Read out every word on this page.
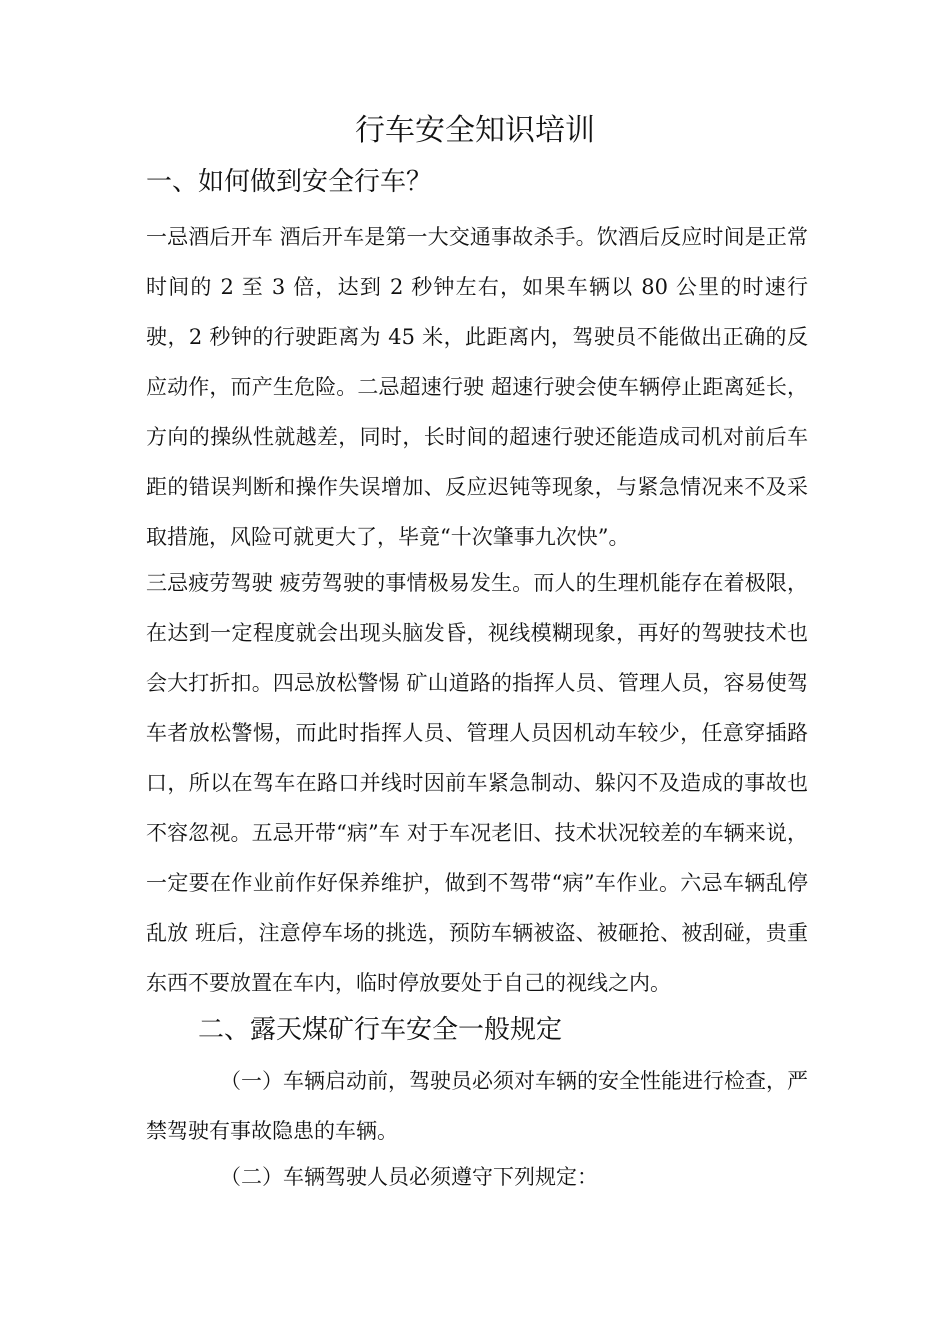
行车安全知识培训
一、如何做到安全行车？

一忌酒后开车 酒后开车是第一大交通事故杀手。饮酒后反应时间是正常时间的 2 至 3 倍，达到 2 秒钟左右，如果车辆以 80 公里的时速行驶，2 秒钟的行驶距离为 45 米，此距离内，驾驶员不能做出正确的反应动作，而产生危险。二忌超速行驶 超速行驶会使车辆停止距离延长，方向的操纵性就越差，同时，长时间的超速行驶还能造成司机对前后车距的错误判断和操作失误增加、反应迟钝等现象，与紧急情况来不及采取措施，风险可就更大了，毕竟“十次肇事九次快”。

三忌疲劳驾驶 疲劳驾驶的事情极易发生。而人的生理机能存在着极限，在达到一定程度就会出现头脑发昏，视线模糊现象，再好的驾驶技术也会大打折扣。四忌放松警惕 矿山道路的指挥人员、管理人员，容易使驾车者放松警惕，而此时指挥人员、管理人员因机动车较少，任意穿插路口，所以在驾车在路口并线时因前车紧急制动、躲闪不及造成的事故也不容忽视。五忌开带“病”车 对于车况老旧、技术状况较差的车辆来说，一定要在作业前作好保养维护，做到不驾带“病”车作业。六忌车辆乱停乱放 班后，注意停车场的挑选，预防车辆被盗、被砸抢、被刮碰，贵重东西不要放置在车内，临时停放要处于自己的视线之内。

二、露天煤矿行车安全一般规定

（一）车辆启动前，驾驶员必须对车辆的安全性能进行检查，严禁驾驶有事故隐患的车辆。

（二）车辆驾驶人员必须遵守下列规定：
